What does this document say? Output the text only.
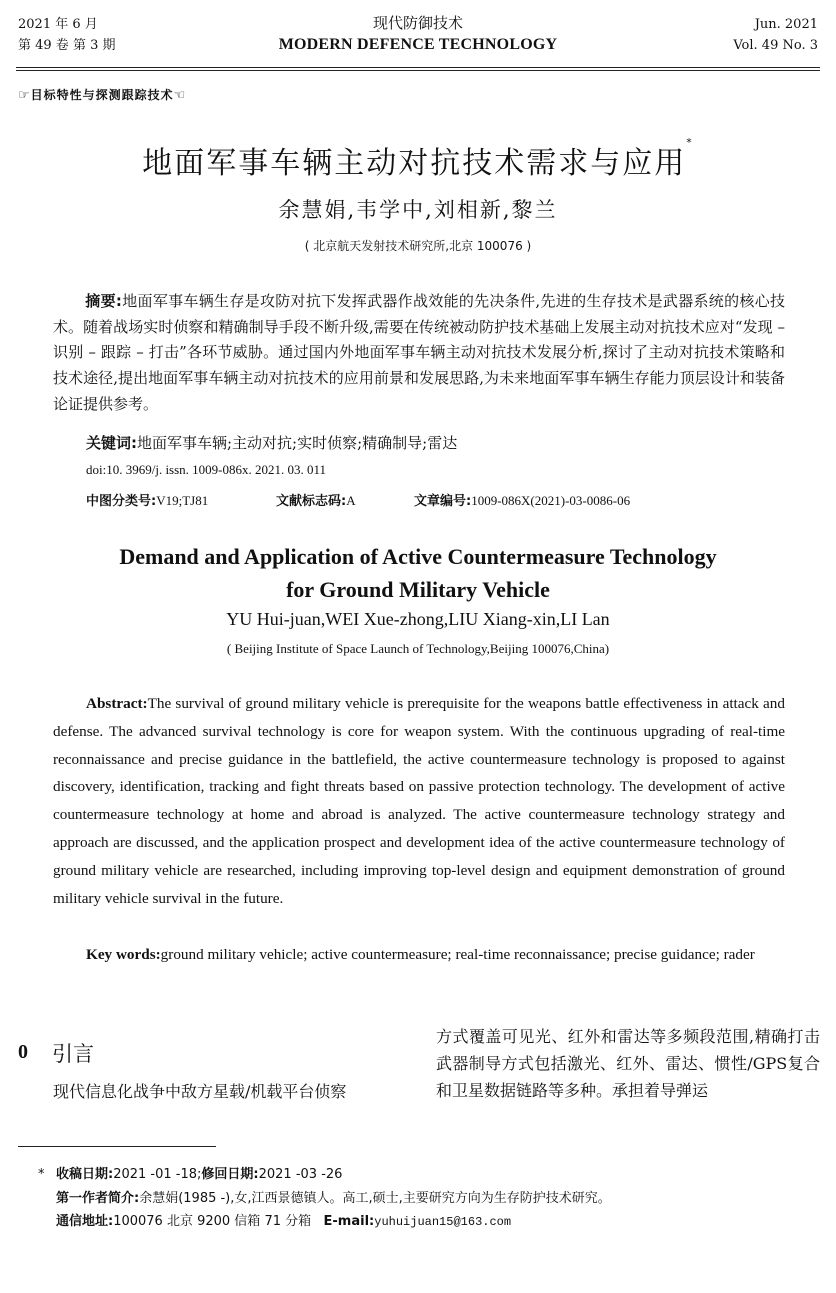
2021 年 6 月
第 49 卷 第 3 期
现代防御技术
MODERN DEFENCE TECHNOLOGY
Jun. 2021
Vol. 49 No. 3
☞目标特性与探测跟踪技术☜
地面军事车辆主动对抗技术需求与应用*
余慧娟,韦学中,刘相新,黎兰
( 北京航天发射技术研究所,北京 100076 )
摘要:地面军事车辆生存是攻防对抗下发挥武器作战效能的先决条件,先进的生存技术是武器系统的核心技术。随着战场实时侦察和精确制导手段不断升级,需要在传统被动防护技术基础上发展主动对抗技术应对“发现 – 识别 – 跟踪 – 打击”各环节威胁。通过国内外地面军事车辆主动对抗技术发展分析,探讨了主动对抗技术策略和技术途径,提出地面军事车辆主动对抗技术的应用前景和发展思路,为未来地面军事车辆生存能力顶层设计和装备论证提供参考。
关键词:地面军事车辆;主动对抗;实时侦察;精确制导;雷达
doi:10. 3969/j. issn. 1009-086x. 2021. 03. 011
中图分类号:V19;TJ81	文献标志码:A	文章编号:1009-086X(2021)-03-0086-06
Demand and Application of Active Countermeasure Technology
for Ground Military Vehicle
YU Hui-juan,WEI Xue-zhong,LIU Xiang-xin,LI Lan
( Beijing Institute of Space Launch of Technology,Beijing 100076,China)
Abstract:The survival of ground military vehicle is prerequisite for the weapons battle effectiveness in attack and defense. The advanced survival technology is core for weapon system. With the continuous upgrading of real-time reconnaissance and precise guidance in the battlefield, the active countermeasure technology is proposed to against discovery, identification, tracking and fight threats based on passive protection technology. The development of active countermeasure technology at home and abroad is analyzed. The active countermeasure technology strategy and approach are discussed, and the application prospect and development idea of the active countermeasure technology of ground military vehicle are researched, including improving top-level design and equipment demonstration of ground military vehicle survival in the future.
Key words:ground military vehicle; active countermeasure; real-time reconnaissance; precise guidance; rader
0 引言
现代信息化战争中敌方星载/机载平台侦察
方式覆盖可见光、红外和雷达等多频段范围,精确打击武器制导方式包括激光、红外、雷达、惯性/GPS复合和卫星数据链路等多种。承担着导弹运
* 收稿日期:2021 -01 -18;修回日期:2021 -03 -26
第一作者简介:余慧娟(1985 -),女,江西景德镇人。高工,硕士,主要研究方向为生存防护技术研究。
通信地址:100076 北京 9200 信箱 71 分箱 E-mail:yuhuijuan15@163.com
